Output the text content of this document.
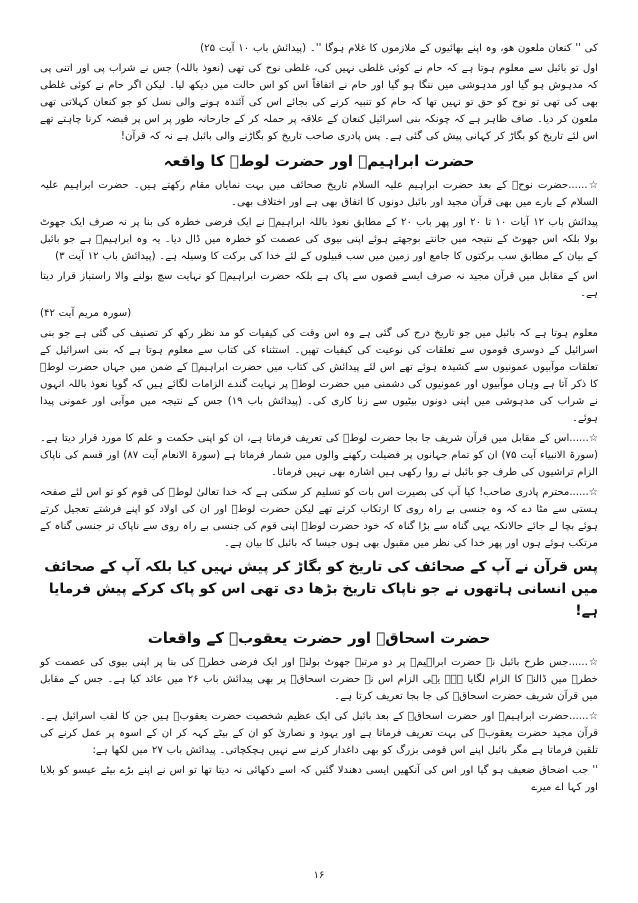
کی '' کنعان ملعون ھو، وہ اپنے بھائیوں کے ملازموں کا غلام ہوگا ''۔ (پیدائش باب ۱۰ آیت ۲۵)

اول تو بائبل سے معلوم ہوتا ہے کہ حام نے کوئی غلطی نہیں کی، غلطی نوح کی تھی (نعوذ باللہ) جس نے شراب پی اور اتنی پی کہ مدہوش ہو گیا اور مدہوشی میں ننگا ہو گیا اور حام نے اتفاقاً اس کو اس حالت میں دیکھ لیا۔ لیکن اگر حام نے کوئی غلطی بھی کی تھی تو نوح کو حق تو نہیں تھا کہ حام کو تنبیہ کرنے کی بجائے اس کی آئندہ ہونے والی نسل کو جو کنعان کہلاتی تھی ملعون کر دیا۔ صاف ظاہر ہے کہ چونکہ بنی اسرائیل کنعان کے علاقہ پر حملہ کر کے جارحانہ طور پر اس پر قبضہ کرنا چاہتے تھے اس لئے تاریخ کو بگاڑ کر کہانی پیش کی گئی ہے۔ پس پادری صاحب تاریخ کو بگاڑنے والی بائبل ہے نہ کہ قرآن!

حضرت ابراہیمؑ اور حضرت لوطؑ کا واقعہ

☆......حضرت نوحؑ کے بعد حضرت ابراہیم علیہ السلام تاریخ صحائف میں بہت نمایاں مقام رکھتے ہیں۔ حضرت ابراہیم علیہ السلام کے بارے میں بھی قرآن مجید اور بائبل دونوں کا اتفاق بھی ہے اور اختلاف بھی۔

پیدائش باب ۱۲ آیات ۱۰ تا ۲۰ اور پھر باب ۲۰ کے مطابق نعوذ باللہ ابراہیمؑ نے ایک فرضی خطرہ کی بنا پر نہ صرف ایک جھوٹ بولا بلکہ اس جھوٹ کے نتیجہ میں جانتے بوجھتے ہوئے اپنی بیوی کی عصمت کو خطرہ میں ڈال دیا۔ یہ وہ ابراہیمؑ ہے جو بائبل کے بیان کے مطابق سب برکتوں کا جامع اور زمین میں سب قبیلوں کے لئے خدا کی برکت کا وسیلہ ہے۔ (پیدائش باب ۱۲ آیت ۳)

اس کے مقابل میں قرآن مجید نہ صرف ایسے قصوں سے پاک ہے بلکہ حضرت ابراہیمؑ کو نہایت سچ بولنے والا راستباز قرار دیتا ہے۔

(سورہ مریم آیت ۴۲)

معلوم ہوتا ہے کہ بائبل میں جو تاریخ درج کی گئی ہے وہ اس وقت کی کیفیات کو مد نظر رکھ کر تصنیف کی گئی ہے جو بنی اسرائیل کے دوسری قوموں سے تعلقات کی نوعیت کی کیفیات تھیں۔ استثناء کی کتاب سے معلوم ہوتا ہے کہ بنی اسرائیل کے تعلقات موآبیوں عمونیوں سے کشیدہ ہوئے تھے اس لئے پیدائش کی کتاب میں حضرت ابراہیمؑ کے ضمن میں جہاں حضرت لوطؑ کا ذکر آتا ہے وہاں موآبیوں اور عمونیوں کی دشمنی میں حضرت لوطؑ پر نہایت گندے الزامات لگائے ہیں کہ گویا نعوذ باللہ انہوں نے شراب کی مدہوشی میں اپنی دونوں بیٹیوں سے زنا کاری کی۔ (پیدائش باب ۱۹) جس کے نتیجہ میں موآبی اور عمونی پیدا ہوئے۔

☆......اس کے مقابل میں قرآن شریف جا بجا حضرت لوطؑ کی تعریف فرماتا ہے، ان کو اپنی حکمت و علم کا مورد قرار دیتا ہے۔ (سورۃ الانبیاء آیت ۷۵) ان کو تمام جہانوں پر فضیلت رکھنے والوں میں شمار فرماتا ہے (سورۃ الانعام آیت ۸۷) اور قسم کی ناپاک الزام تراشیوں کی طرف جو بائبل نے روا رکھی ہیں اشارہ بھی نہیں فرماتا۔

☆......محترم پادری صاحب! کیا آپ کی بصیرت اس بات کو تسلیم کر سکتی ہے کہ خدا تعالیٰ لوطؑ کی قوم کو تو اس لئے صفحہ ہستی سے مٹا دے کہ وہ جنسی بے راہ روی کا ارتکاب کرتے تھے لیکن حضرت لوطؑ اور ان کی اولاد کو اپنے فرشتے تعجیل کرتے ہوئے بچا لے جائے حالانکہ یہی گناہ سے بڑا گناہ کہ خود حضرت لوطؑ اپنی قوم کی جنسی بے راہ روی سے ناپاک تر جنسی گناہ کے مرتکب ہوئے ہوں اور پھر خدا کی نظر میں مقبول بھی ہوں جیسا کہ بائبل کا بیان ہے۔

پس قرآن نے آپ کے صحائف کی تاریخ کو بگاڑ کر پیش نہیں کیا بلکہ آپ کے صحائف میں انسانی ہاتھوں نے جو ناپاک تاریخ بڑھا دی تھی اس کو پاک کرکے پیش فرمایا ہے!
حضرت اسحاقؑ اور حضرت یعقوبؑ کے واقعات

☆......جس طرح بائبل نے حضرت ابراہیمؑ پر دو مرتبہ جھوٹ بولنے اور ایک فرضی خطرہ کی بنا پر اپنی بیوی کی عصمت کو خطرہ میں ڈالنے کا الزام لگایا ہے۔ یہی الزام اس نے حضرت اسحاقؑ پر بھی پیدائش باب ۲۶ میں عائد کیا ہے۔ جس کے مقابل میں قرآن شریف حضرت اسحاقؑ کی جا بجا تعریف کرتا ہے۔

☆......حضرت ابراہیمؑ اور حضرت اسحاقؑ کے بعد بائبل کی ایک عظیم شخصیت حضرت یعقوبؑ ہیں جن کا لقب اسرائیل ہے۔ قرآن مجید حضرت یعقوبؑ کی بہت تعریف فرماتا ہے اور یہود و نصاریٰ کو ان کے بیٹے کہہ کر ان کے اسوہ پر عمل کرنے کی تلقین فرماتا ہے مگر بائبل اپنے اس قومی بزرگ کو بھی داغدار کرنے سے نہیں ہچکچاتی۔ پیدائش باب ۲۷ میں لکھا ہے:

'' جب اضحاق ضعیف ہو گیا اور اس کی آنکھیں ایسی دھندلا گئیں کہ اسے دکھائی نہ دیتا تھا تو اس نے اپنے بڑے بیٹے عیسو کو بلایا اور کہا اے میرے

۱۶
